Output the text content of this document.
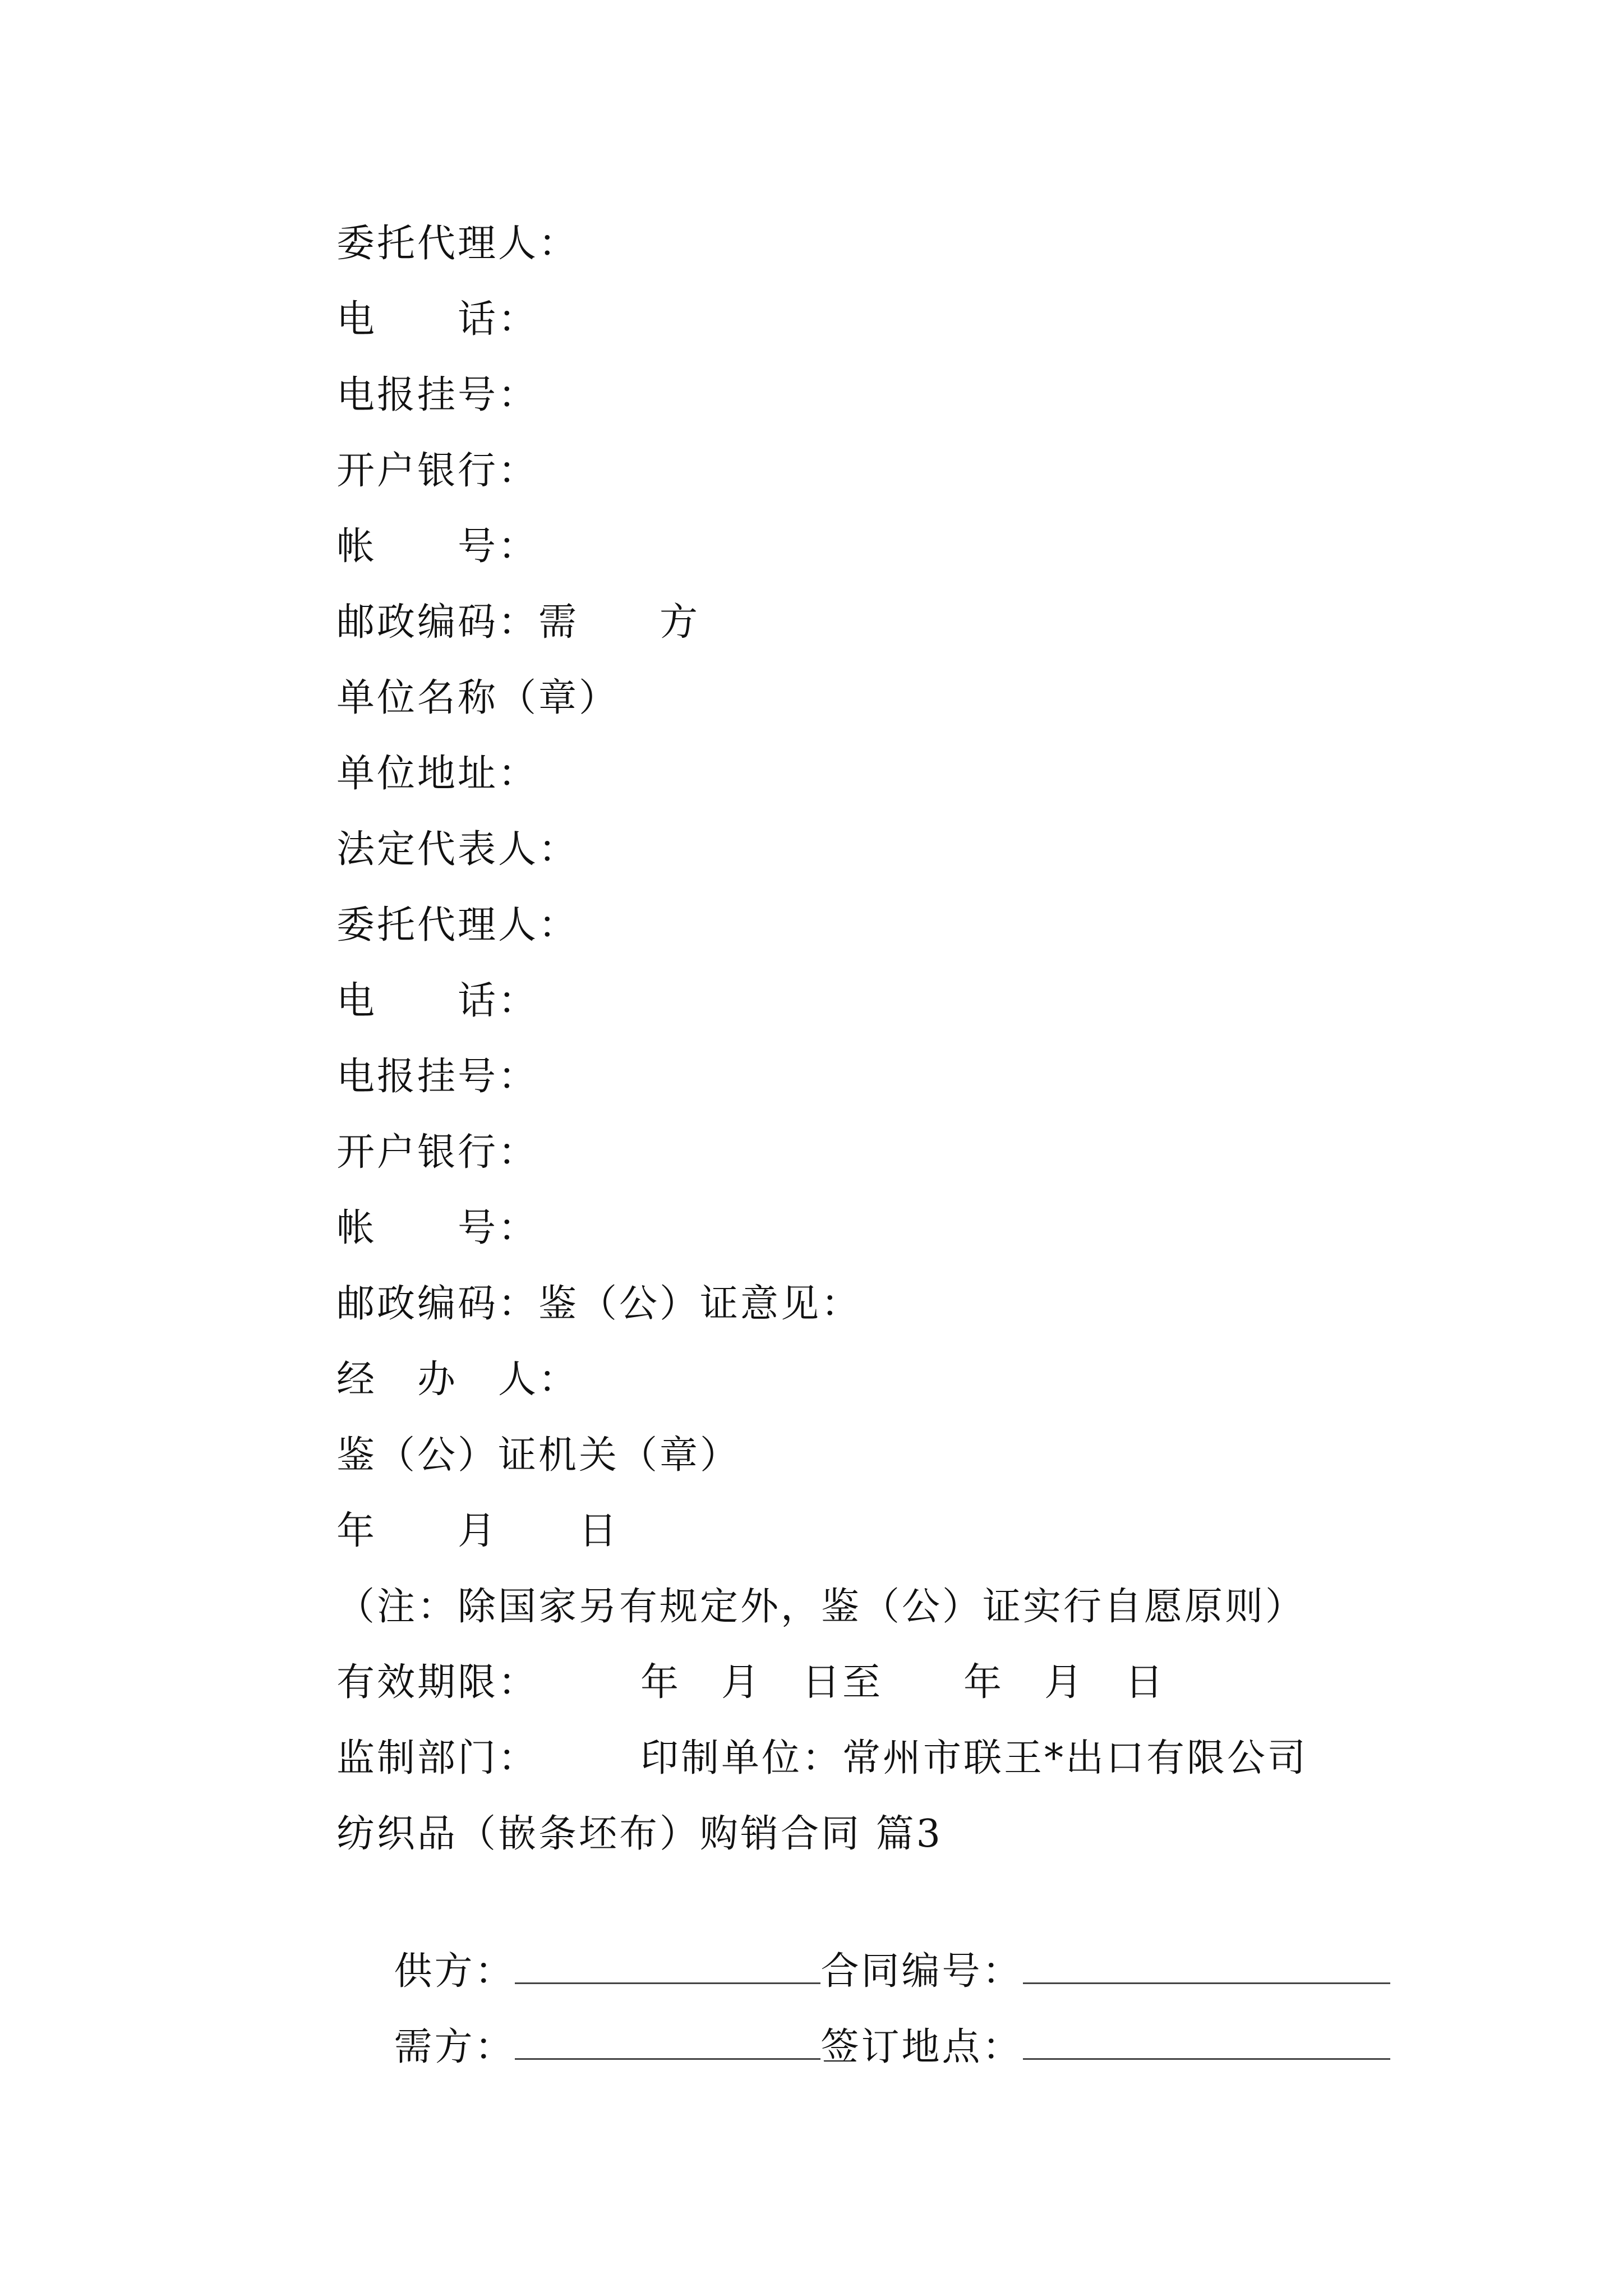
委托代理人：
电　　话：
电报挂号：
开户银行：
帐　　号：
邮政编码：需　　方
单位名称（章）
单位地址：
法定代表人：
委托代理人：
电　　话：
电报挂号：
开户银行：
帐　　号：
邮政编码：鉴（公）证意见：
经　办　人：
鉴（公）证机关（章）
年　　月　　日
（注：除国家另有规定外，鉴（公）证实行自愿原则）
有效期限：　　　年　月　日至　　年　月　日
监制部门：　　　印制单位：常州市联王*出口有限公司
纺织品（嵌条坯布）购销合同 篇3

供方：	合同编号：

需方：	签订地点：
